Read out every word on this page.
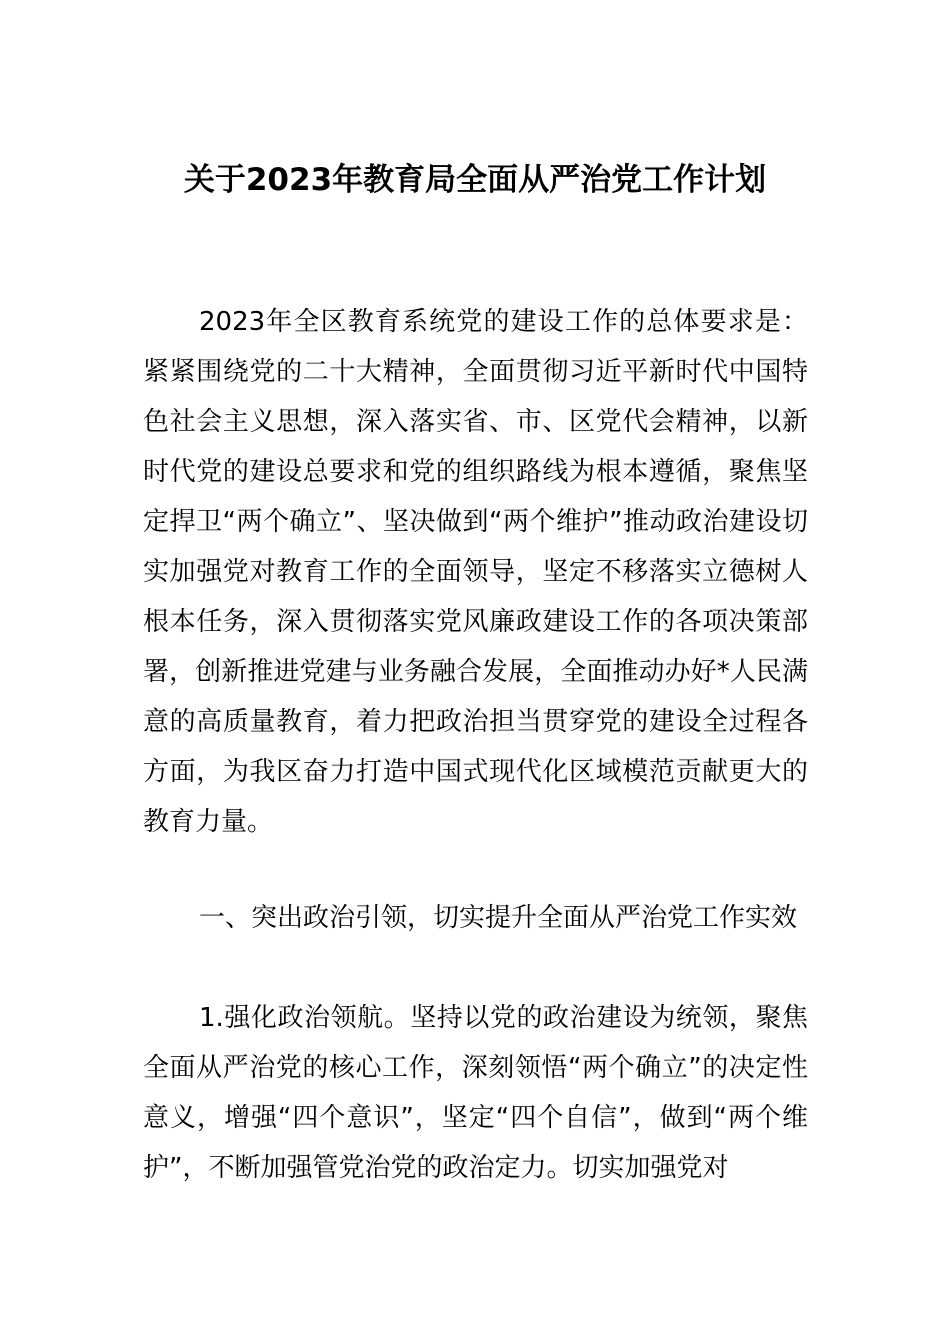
关于2023年教育局全面从严治党工作计划

2023年全区教育系统党的建设工作的总体要求是：紧紧围绕党的二十大精神，全面贯彻习近平新时代中国特色社会主义思想，深入落实省、市、区党代会精神，以新时代党的建设总要求和党的组织路线为根本遵循，聚焦坚定捍卫“两个确立”、坚决做到“两个维护”推动政治建设切实加强党对教育工作的全面领导，坚定不移落实立德树人根本任务，深入贯彻落实党风廉政建设工作的各项决策部署，创新推进党建与业务融合发展，全面推动办好*人民满意的高质量教育，着力把政治担当贯穿党的建设全过程各方面，为我区奋力打造中国式现代化区域模范贡献更大的教育力量。

一、突出政治引领，切实提升全面从严治党工作实效

1.强化政治领航。坚持以党的政治建设为统领，聚焦全面从严治党的核心工作，深刻领悟“两个确立”的决定性意义，增强“四个意识”，坚定“四个自信”，做到“两个维护”，不断加强管党治党的政治定力。切实加强党对
